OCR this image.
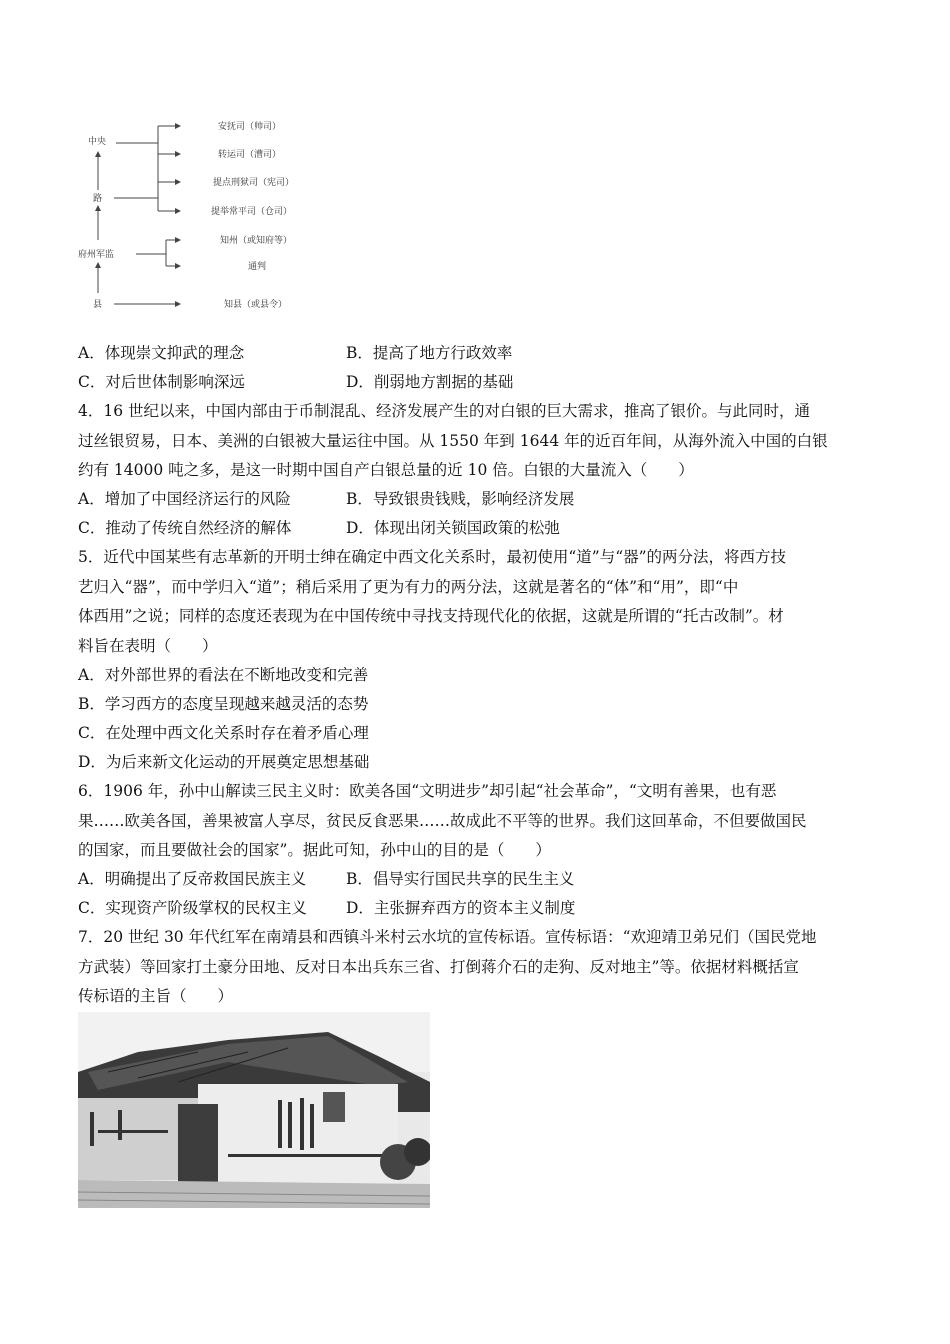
中央
路
府州军监
县
安抚司（帅司）
转运司（漕司）
提点刑狱司（宪司）
提举常平司（仓司）
知州（或知府等）
通判
知县（或县令）
A．体现崇文抑武的理念	B．提高了地方行政效率
C．对后世体制影响深远	D．削弱地方割据的基础
4．16 世纪以来，中国内部由于币制混乱、经济发展产生的对白银的巨大需求，推高了银价。与此同时，通
过丝银贸易，日本、美洲的白银被大量运往中国。从 1550 年到 1644 年的近百年间，从海外流入中国的白银
约有 14000 吨之多，是这一时期中国自产白银总量的近 10 倍。白银的大量流入（　　）
A．增加了中国经济运行的风险	B．导致银贵钱贱，影响经济发展
C．推动了传统自然经济的解体	D．体现出闭关锁国政策的松弛
5．近代中国某些有志革新的开明士绅在确定中西文化关系时，最初使用“道”与“器”的两分法，将西方技
艺归入“器”，而中学归入“道”；稍后采用了更为有力的两分法，这就是著名的“体”和“用”，即“中
体西用”之说；同样的态度还表现为在中国传统中寻找支持现代化的依据，这就是所谓的“托古改制”。材
料旨在表明（　　）
A．对外部世界的看法在不断地改变和完善
B．学习西方的态度呈现越来越灵活的态势
C．在处理中西文化关系时存在着矛盾心理
D．为后来新文化运动的开展奠定思想基础
6．1906 年，孙中山解读三民主义时：欧美各国“文明进步”却引起“社会革命”，“文明有善果，也有恶
果……欧美各国，善果被富人享尽，贫民反食恶果……故成此不平等的世界。我们这回革命，不但要做国民
的国家，而且要做社会的国家”。据此可知，孙中山的目的是（　　）
A．明确提出了反帝救国民族主义	B．倡导实行国民共享的民生主义
C．实现资产阶级掌权的民权主义	D．主张摒弃西方的资本主义制度
7．20 世纪 30 年代红军在南靖县和西镇斗米村云水坑的宣传标语。宣传标语：“欢迎靖卫弟兄们（国民党地
方武装）等回家打土豪分田地、反对日本出兵东三省、打倒蒋介石的走狗、反对地主”等。依据材料概括宣
传标语的主旨（　　）
